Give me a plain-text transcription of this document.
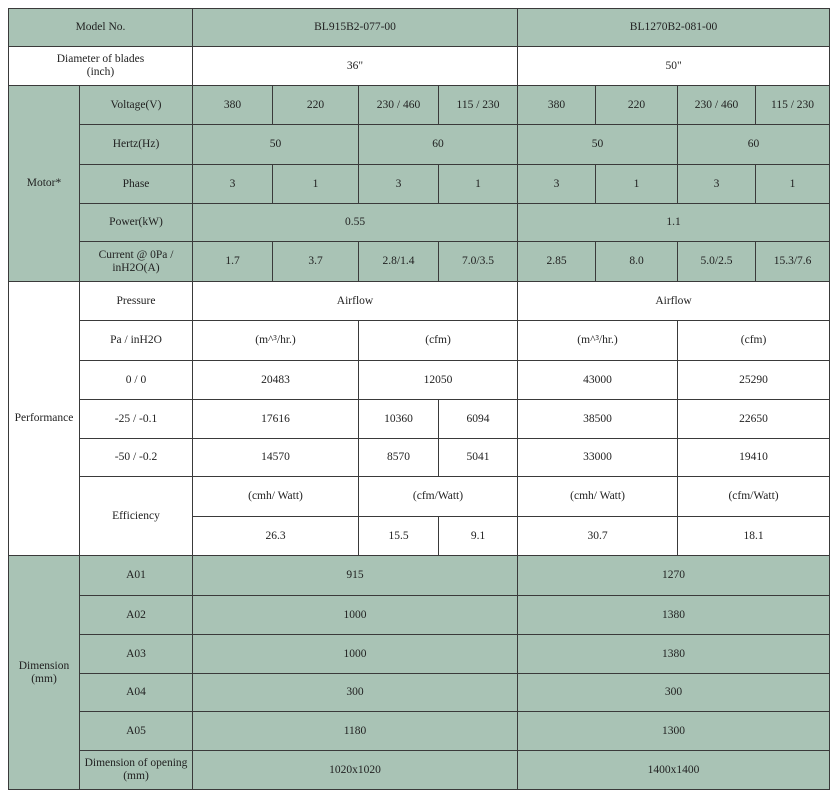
Model No.		BL915B2-077-00				BL1270B2-081-00			
Diameter of blades
(inch)		36"				50"			
Motor*	Voltage(V)	380	220	230 / 460	115 / 230	380	220	230 / 460	115 / 230
	Hertz(Hz)	50		60		50		60	
	Phase	3	1	3	1	3	1	3	1
	Power(kW)	0.55				1.1			
	Current @ 0Pa /
inH2O(A)	1.7	3.7	2.8/1.4	7.0/3.5	2.85	8.0	5.0/2.5	15.3/7.6
Performance	Pressure	Airflow				Airflow			
	Pa / inH2O	(m^³/hr.)		(cfm)		(m^³/hr.)		(cfm)	
	0 / 0	20483		12050		43000		25290	
	-25 / -0.1	17616		10360	6094	38500		22650	
	-50 / -0.2	14570		8570	5041	33000		19410	
	Efficiency	(cmh/ Watt)		(cfm/Watt)		(cmh/ Watt)		(cfm/Watt)	
		26.3		15.5	9.1	30.7		18.1	
Dimension
(mm)	A01	915				1270			
	A02	1000				1380			
	A03	1000				1380			
	A04	300				300			
	A05	1180				1300			
	Dimension of opening
(mm)	1020x1020				1400x1400			
